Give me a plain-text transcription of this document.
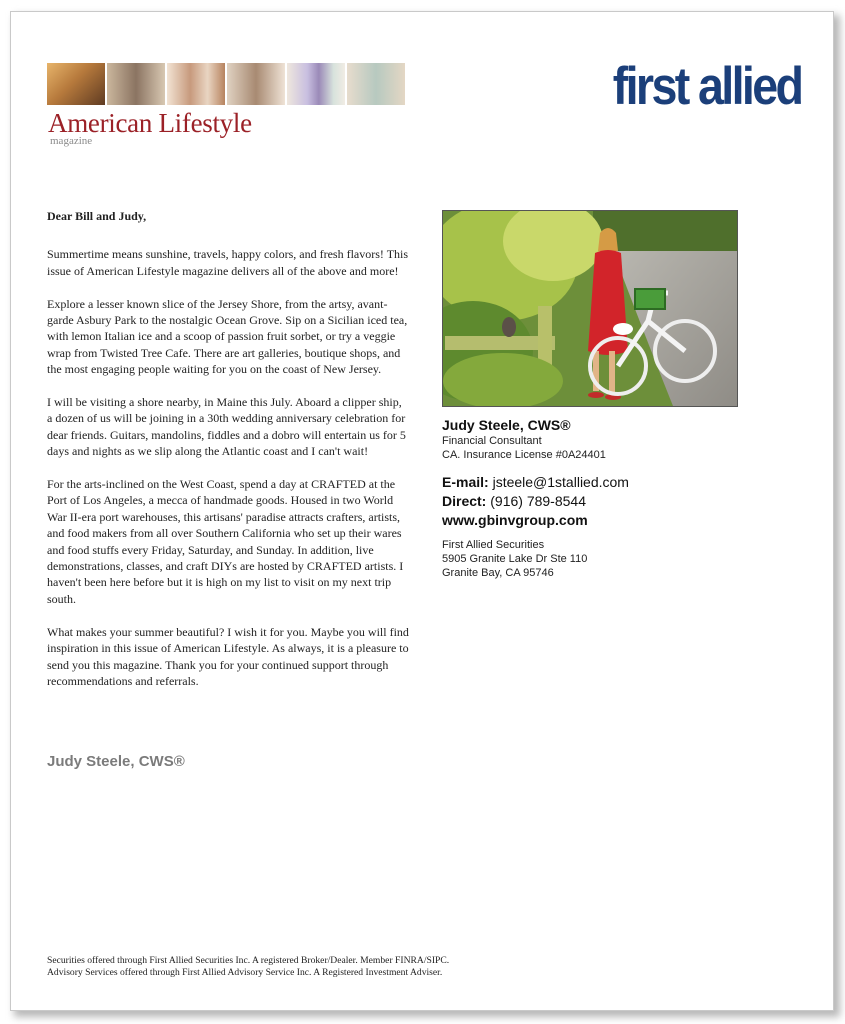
American Lifestyle
magazine
first allied

Dear Bill and Judy,

Summertime means sunshine, travels, happy colors, and fresh flavors! This issue of American Lifestyle magazine delivers all of the above and more!

Explore a lesser known slice of the Jersey Shore, from the artsy, avant-garde Asbury Park to the nostalgic Ocean Grove. Sip on a Sicilian iced tea, with lemon Italian ice and a scoop of passion fruit sorbet, or try a veggie wrap from Twisted Tree Cafe. There are art galleries, boutique shops, and the most engaging people waiting for you on the coast of New Jersey.

I will be visiting a shore nearby, in Maine this July. Aboard a clipper ship, a dozen of us will be joining in a 30th wedding anniversary celebration for dear friends. Guitars, mandolins, fiddles and a dobro will entertain us for 5 days and nights as we slip along the Atlantic coast and I can't wait!

For the arts-inclined on the West Coast, spend a day at CRAFTED at the Port of Los Angeles, a mecca of handmade goods. Housed in two World War II-era port warehouses, this artisans' paradise attracts crafters, artists, and food makers from all over Southern California who set up their wares and food stuffs every Friday, Saturday, and Sunday. In addition, live demonstrations, classes, and craft DIYs are hosted by CRAFTED artists. I haven't been here before but it is high on my list to visit on my next trip south.

What makes your summer beautiful? I wish it for you. Maybe you will find inspiration in this issue of American Lifestyle. As always, it is a pleasure to send you this magazine. Thank you for your continued support through recommendations and referrals.

Judy Steele, CWS®
Judy Steele, CWS®
Financial Consultant
CA. Insurance License #0A24401
E-mail: jsteele@1stallied.com
Direct: (916) 789-8544
www.gbinvgroup.com
First Allied Securities
5905 Granite Lake Dr Ste 110
Granite Bay, CA 95746
Securities offered through First Allied Securities Inc. A registered Broker/Dealer. Member FINRA/SIPC.
Advisory Services offered through First Allied Advisory Service Inc. A Registered Investment Adviser.
